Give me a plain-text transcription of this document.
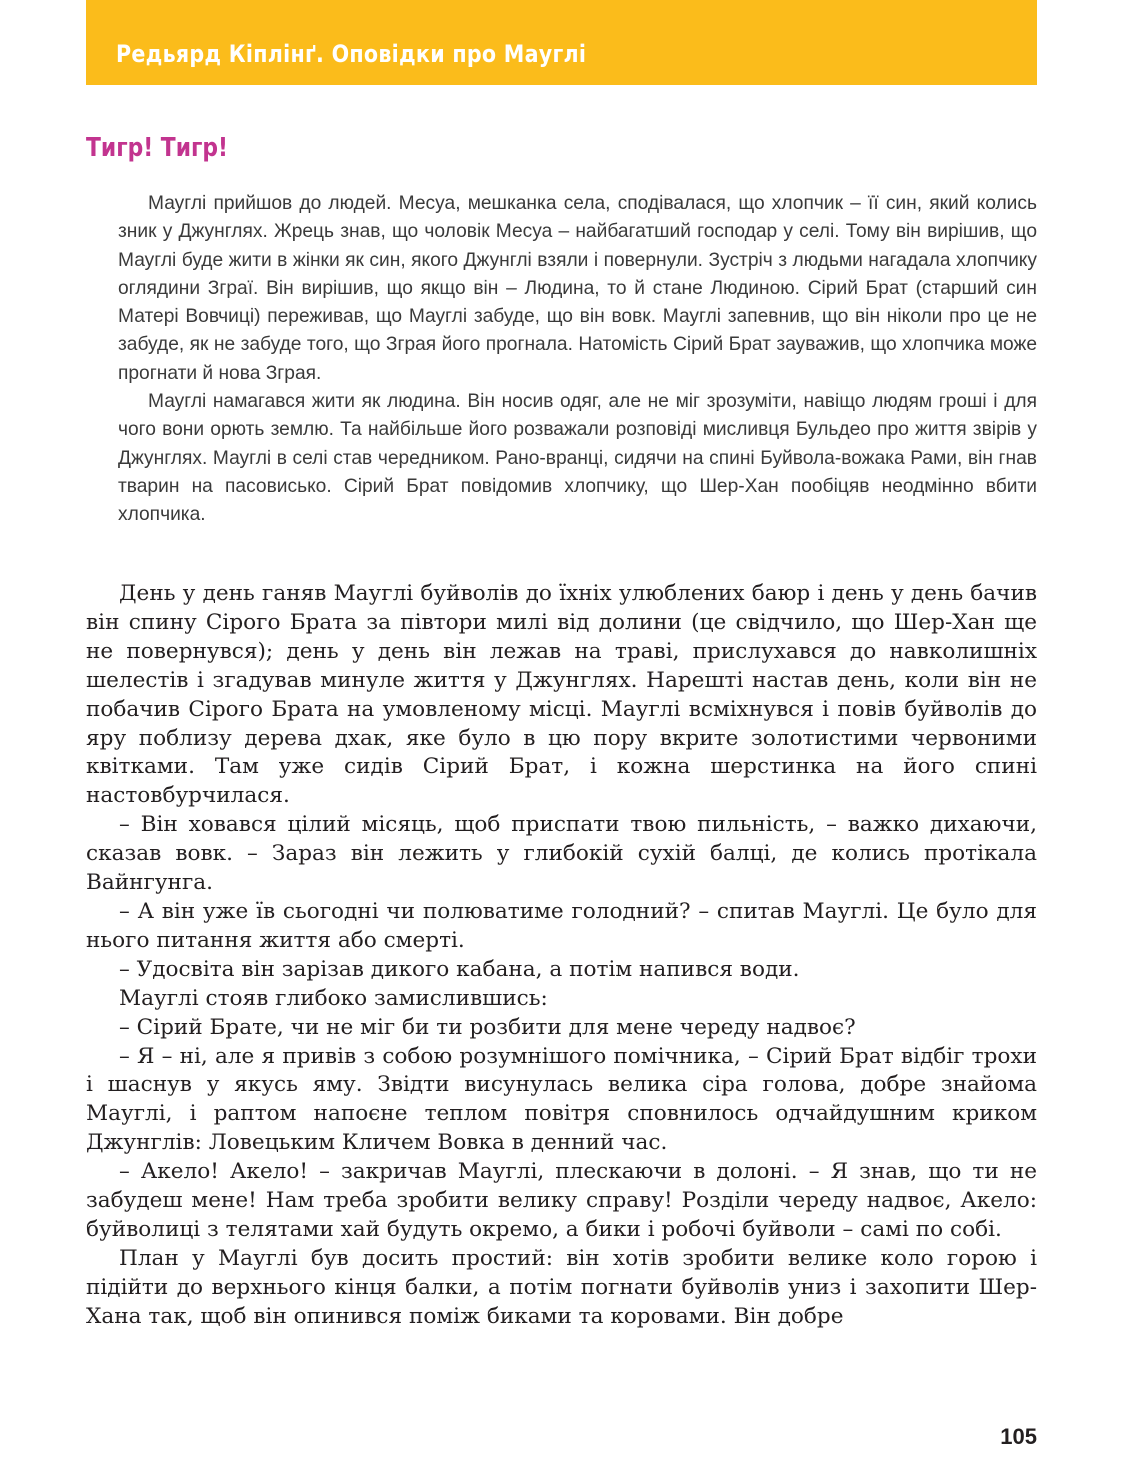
Редьярд Кіплінґ. Оповідки про Мауглі
Тигр! Тигр!

Мауглі прийшов до людей. Месуа, мешканка села, сподівалася, що хлопчик – її син, який колись зник у Джунглях. Жрець знав, що чоловік Месуа – найбагатший господар у селі. Тому він вирішив, що Мауглі буде жити в жінки як син, якого Джунглі взяли і повернули. Зустріч з людьми нагадала хлопчику оглядини Зграї. Він вирішив, що якщо він – Людина, то й стане Людиною. Сірий Брат (старший син Матері Вовчиці) переживав, що Мауглі забуде, що він вовк. Мауглі запевнив, що він ніколи про це не забуде, як не забуде того, що Зграя його прогнала. Натомість Сірий Брат зауважив, що хлопчика може прогнати й нова Зграя.

Мауглі намагався жити як людина. Він носив одяг, але не міг зрозуміти, навіщо людям гроші і для чого вони орють землю. Та найбільше його розважали розповіді мисливця Бульдео про життя звірів у Джунглях. Мауглі в селі став чередником. Рано-вранці, сидячи на спині Буйвола-вожака Рами, він гнав тварин на пасовисько. Сірий Брат повідомив хлопчику, що Шер-Хан пообіцяв неодмінно вбити хлопчика.

День у день ганяв Мауглі буйволів до їхніх улюблених баюр і день у день бачив він спину Сірого Брата за півтори милі від долини (це свідчило, що Шер-Хан ще не повернувся); день у день він лежав на траві, прислухався до навколишніх шелестів і згадував минуле життя у Джунглях. Нарешті настав день, коли він не побачив Сірого Брата на умовленому місці. Мауглі всміхнувся і повів буйволів до яру поблизу дерева дхак, яке було в цю пору вкрите золотистими червоними квітками. Там уже сидів Сірий Брат, і кожна шерстинка на його спині настовбурчилася.

– Він ховався цілий місяць, щоб приспати твою пильність, – важко дихаючи, сказав вовк. – Зараз він лежить у глибокій сухій балці, де колись протікала Вайнгунга.

– А він уже їв сьогодні чи полюватиме голодний? – спитав Мауглі. Це було для нього питання життя або смерті.

– Удосвіта він зарізав дикого кабана, а потім напився води.

Мауглі стояв глибоко замислившись:

– Сірий Брате, чи не міг би ти розбити для мене череду надвоє?

– Я – ні, але я привів з собою розумнішого помічника, – Сірий Брат відбіг трохи і шаснув у якусь яму. Звідти висунулась велика сіра голова, добре знайома Мауглі, і раптом напоєне теплом повітря сповнилось одчайдушним криком Джунглів: Ловецьким Кличем Вовка в денний час.

– Акело! Акело! – закричав Мауглі, плескаючи в долоні. – Я знав, що ти не забудеш мене! Нам треба зробити велику справу! Розділи череду надвоє, Акело: буйволиці з телятами хай будуть окремо, а бики і робочі буйволи – самі по собі.

План у Мауглі був досить простий: він хотів зробити велике коло горою і підійти до верхнього кінця балки, а потім погнати буйволів униз і захопити Шер-Хана так, щоб він опинився поміж биками та коровами. Він добре

105
